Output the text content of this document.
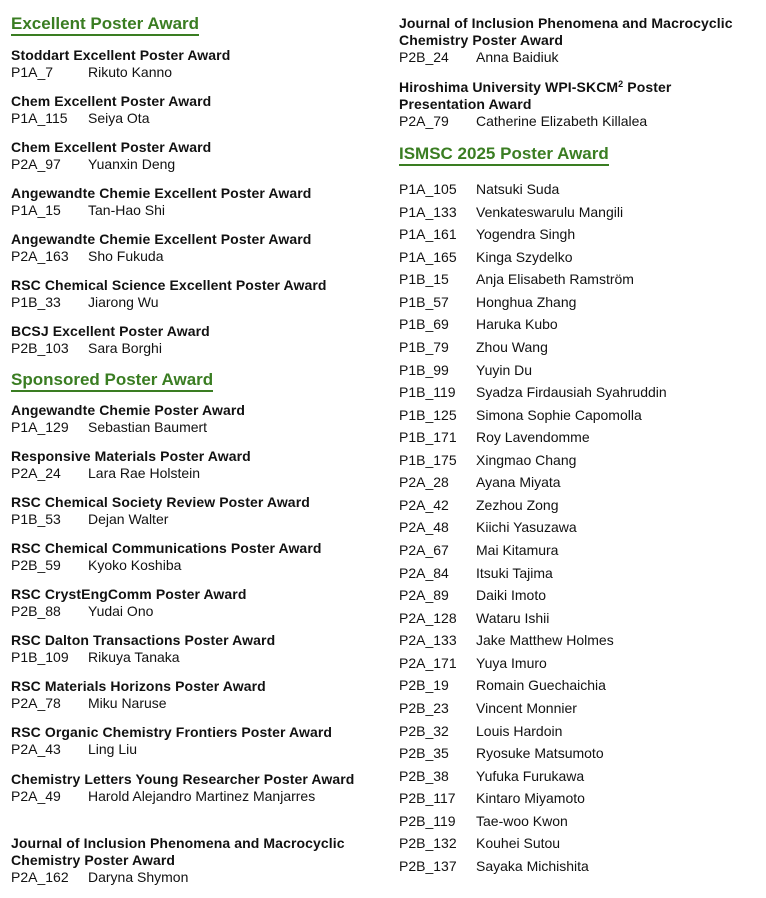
Excellent Poster Award
Stoddart Excellent Poster Award
P1A_7	Rikuto Kanno
Chem Excellent Poster Award
P1A_115	Seiya Ota
Chem Excellent Poster Award
P2A_97	Yuanxin Deng
Angewandte Chemie Excellent Poster Award
P1A_15	Tan-Hao Shi
Angewandte Chemie Excellent Poster Award
P2A_163	Sho Fukuda
RSC Chemical Science Excellent Poster Award
P1B_33	Jiarong Wu
BCSJ Excellent Poster Award
P2B_103	Sara Borghi
Sponsored Poster Award
Angewandte Chemie Poster Award
P1A_129	Sebastian Baumert
Responsive Materials Poster Award
P2A_24	Lara Rae Holstein
RSC Chemical Society Review Poster Award
P1B_53	Dejan Walter
RSC Chemical Communications Poster Award
P2B_59	Kyoko Koshiba
RSC CrystEngComm Poster Award
P2B_88	Yudai Ono
RSC Dalton Transactions Poster Award
P1B_109	Rikuya Tanaka
RSC Materials Horizons Poster Award
P2A_78	Miku Naruse
RSC Organic Chemistry Frontiers Poster Award
P2A_43	Ling Liu
Chemistry Letters Young Researcher Poster Award
P2A_49	Harold Alejandro Martinez Manjarres
Journal of Inclusion Phenomena and Macrocyclic Chemistry Poster Award
P2A_162	Daryna Shymon
Journal of Inclusion Phenomena and Macrocyclic Chemistry Poster Award
P2B_24	Anna Baidiuk
Hiroshima University WPI-SKCM$^2$ Poster Presentation Award
P2A_79	Catherine Elizabeth Killalea
ISMSC 2025 Poster Award
P1A_105	Natsuki Suda
P1A_133	Venkateswarulu Mangili
P1A_161	Yogendra Singh
P1A_165	Kinga Szydelko
P1B_15	Anja Elisabeth Ramström
P1B_57	Honghua Zhang
P1B_69	Haruka Kubo
P1B_79	Zhou Wang
P1B_99	Yuyin Du
P1B_119	Syadza Firdausiah Syahruddin
P1B_125	Simona Sophie Capomolla
P1B_171	Roy Lavendomme
P1B_175	Xingmao Chang
P2A_28	Ayana Miyata
P2A_42	Zezhou Zong
P2A_48	Kiichi Yasuzawa
P2A_67	Mai Kitamura
P2A_84	Itsuki Tajima
P2A_89	Daiki Imoto
P2A_128	Wataru Ishii
P2A_133	Jake Matthew Holmes
P2A_171	Yuya Imuro
P2B_19	Romain Guechaichia
P2B_23	Vincent Monnier
P2B_32	Louis Hardoin
P2B_35	Ryosuke Matsumoto
P2B_38	Yufuka Furukawa
P2B_117	Kintaro Miyamoto
P2B_119	Tae-woo Kwon
P2B_132	Kouhei Sutou
P2B_137	Sayaka Michishita
